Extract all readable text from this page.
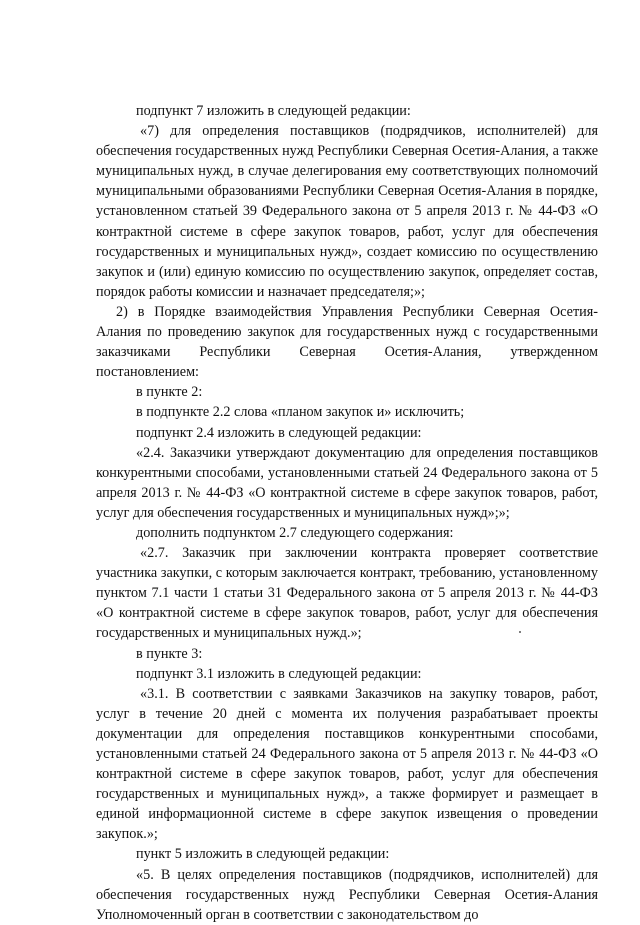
подпункт 7 изложить в следующей редакции:

«7) для определения поставщиков (подрядчиков, исполнителей) для обеспечения государственных нужд Республики Северная Осетия-Алания, а также муниципальных нужд, в случае делегирования ему соответствующих полномочий муниципальными образованиями Республики Северная Осетия-Алания в порядке, установленном статьей 39 Федерального закона от 5 апреля 2013 г. № 44-ФЗ «О контрактной системе в сфере закупок товаров, работ, услуг для обеспечения государственных и муниципальных нужд», создает комиссию по осуществлению закупок и (или) единую комиссию по осуществлению закупок, определяет состав, порядок работы комиссии и назначает председателя;»;

2) в Порядке взаимодействия Управления Республики Северная Осетия-Алания по проведению закупок для государственных нужд с государственными заказчиками Республики Северная Осетия-Алания, утвержденном постановлением:

в пункте 2:

в подпункте 2.2 слова «планом закупок и» исключить;

подпункт 2.4 изложить в следующей редакции:

«2.4. Заказчики утверждают документацию для определения поставщиков конкурентными способами, установленными статьей 24 Федерального закона от 5 апреля 2013 г. № 44-ФЗ «О контрактной системе в сфере закупок товаров, работ, услуг для обеспечения государственных и муниципальных нужд»;»;

дополнить подпунктом 2.7 следующего содержания:

«2.7. Заказчик при заключении контракта проверяет соответствие участника закупки, с которым заключается контракт, требованию, установленному пунктом 7.1 части 1 статьи 31 Федерального закона от 5 апреля 2013 г. № 44-ФЗ «О контрактной системе в сфере закупок товаров, работ, услуг для обеспечения государственных и муниципальных нужд.»;

в пункте 3:

подпункт 3.1 изложить в следующей редакции:

«3.1. В соответствии с заявками Заказчиков на закупку товаров, работ, услуг в течение 20 дней с момента их получения разрабатывает проекты документации для определения поставщиков конкурентными способами, установленными статьей 24 Федерального закона от 5 апреля 2013 г. № 44-ФЗ «О контрактной системе в сфере закупок товаров, работ, услуг для обеспечения государственных и муниципальных нужд», а также формирует и размещает в единой информационной системе в сфере закупок извещения о проведении закупок.»;

пункт 5 изложить в следующей редакции:

«5. В целях определения поставщиков (подрядчиков, исполнителей) для обеспечения государственных нужд Республики Северная Осетия-Алания Уполномоченный орган в соответствии с законодательством до
